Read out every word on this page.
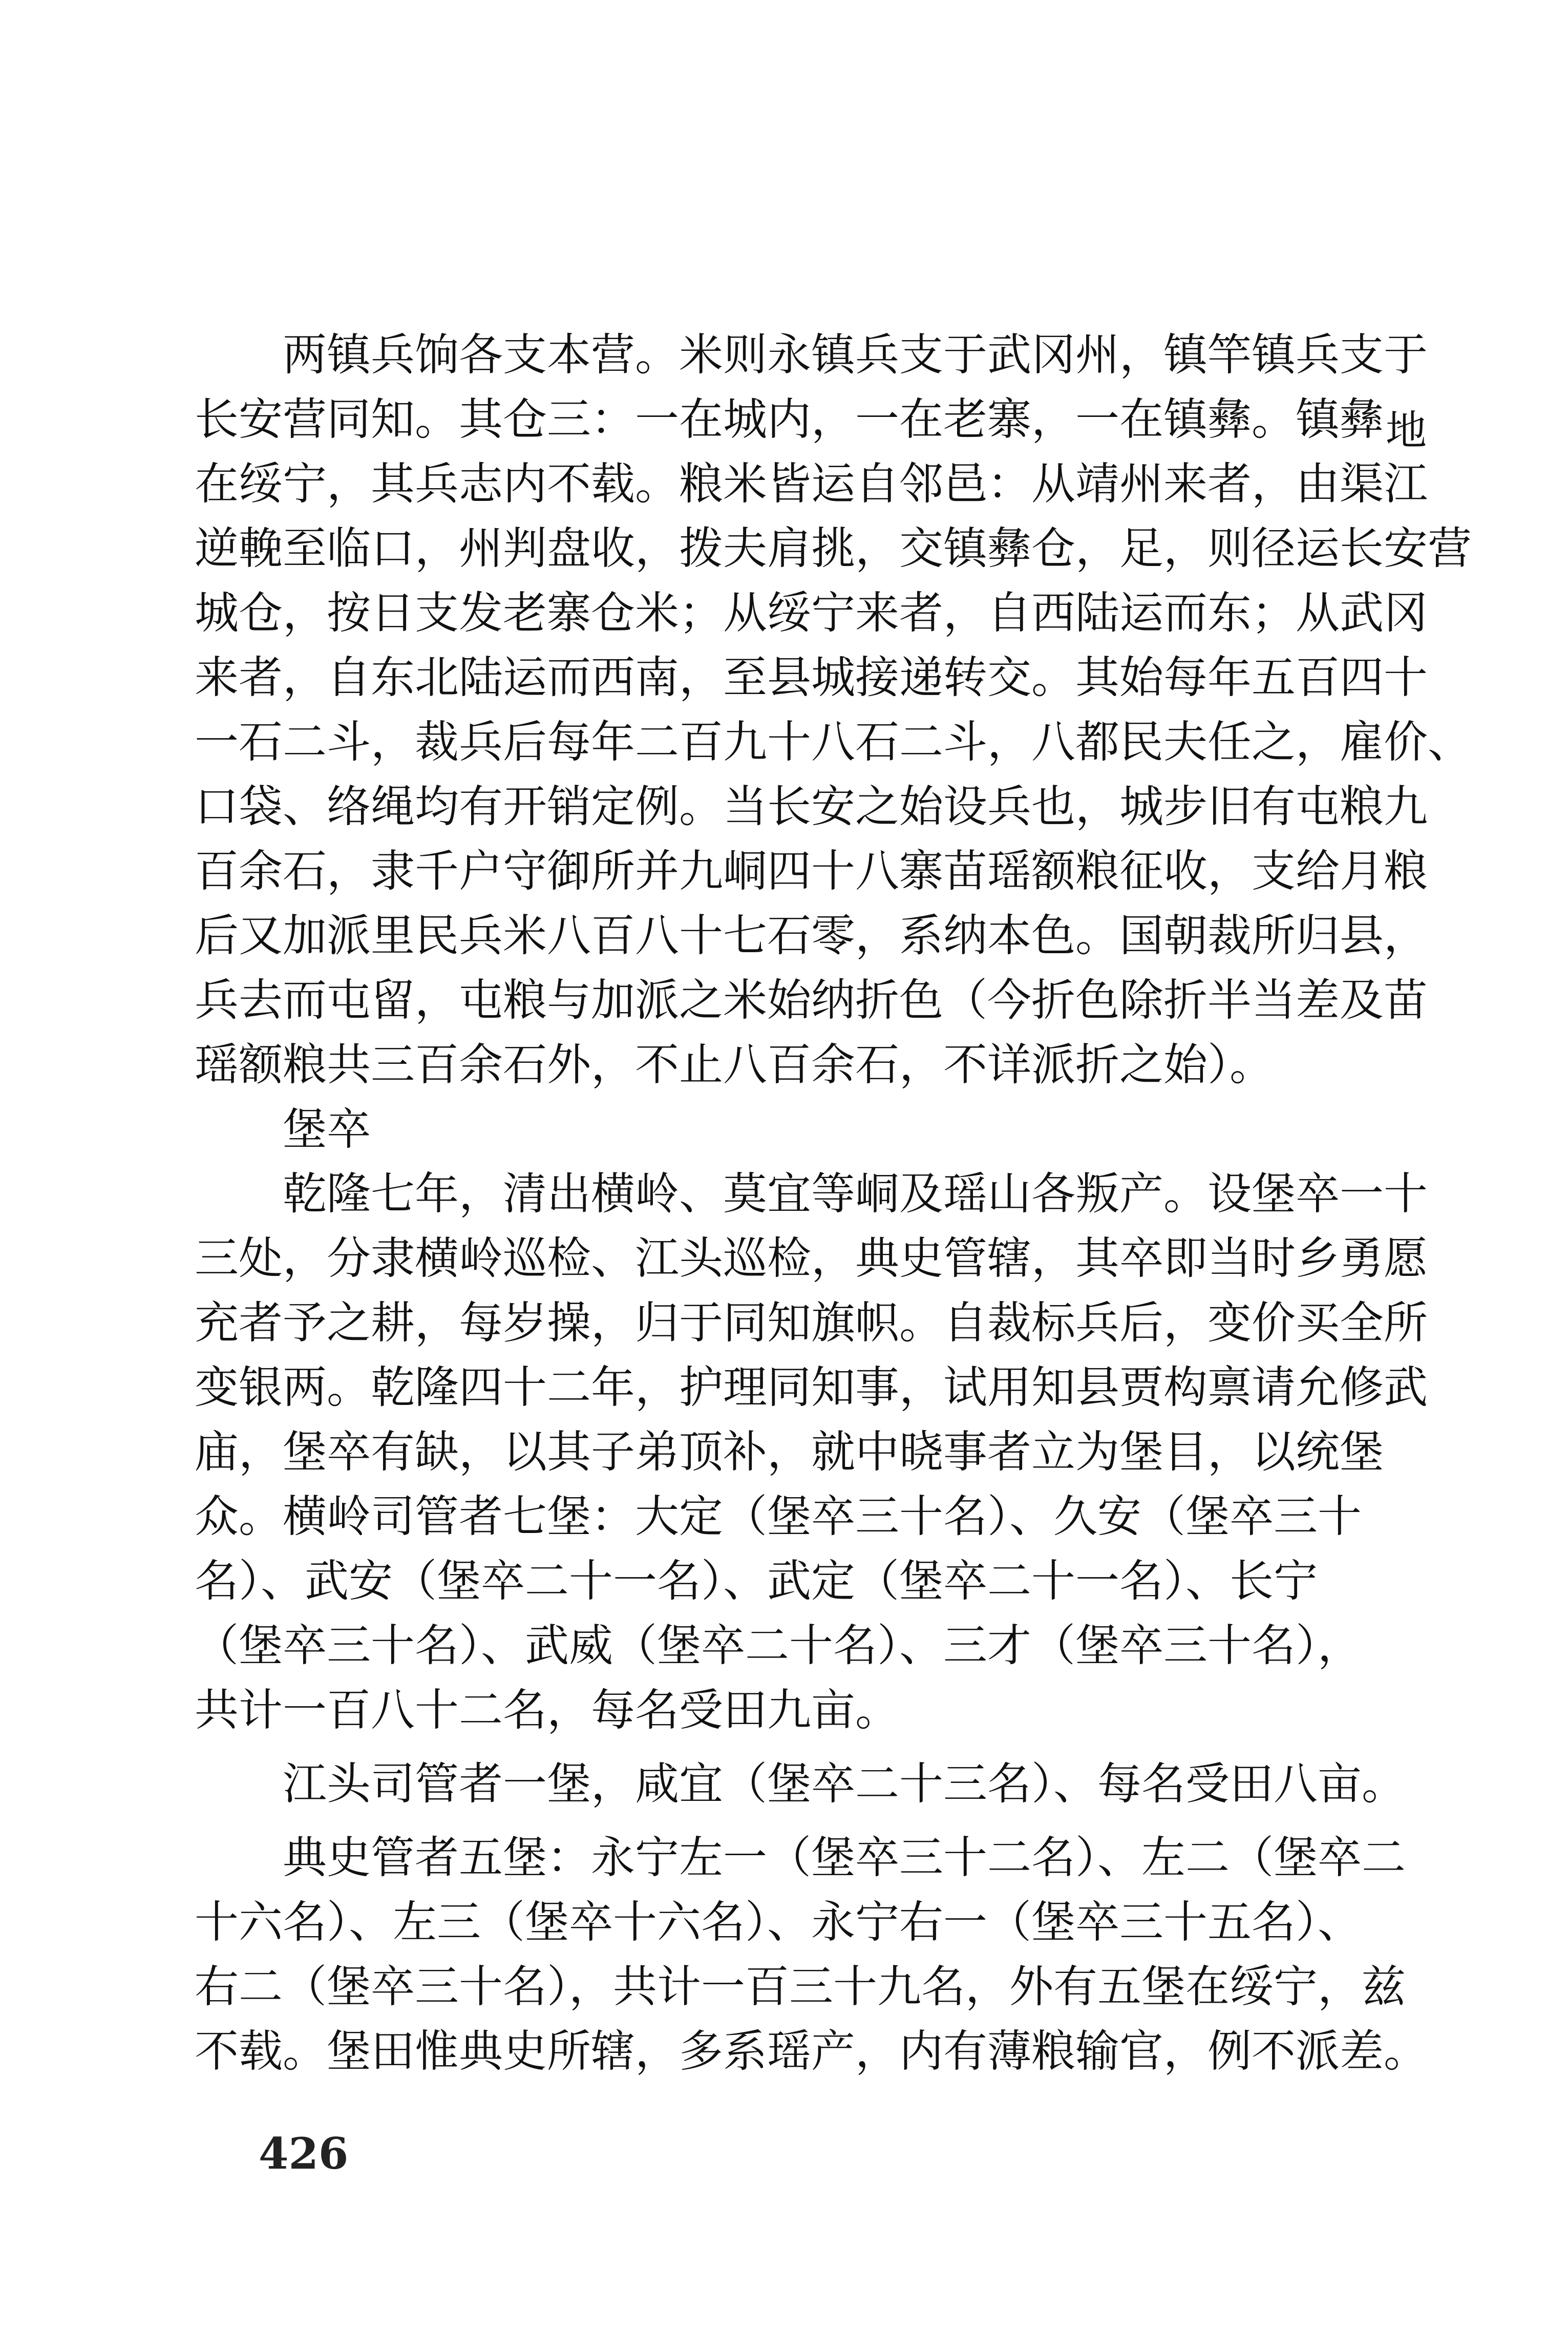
两镇兵饷各支本营。米则永镇兵支于武冈州，镇竿镇兵支于
长安营同知。其仓三：一在城内，一在老寨，一在镇彝。镇彝地
在绥宁，其兵志内不载。粮米皆运自邻邑：从靖州来者，由渠江
逆輓至临口，州判盘收，拨夫肩挑，交镇彝仓，足，则径运长安营
城仓，按日支发老寨仓米；从绥宁来者，自西陆运而东；从武冈
来者，自东北陆运而西南，至县城接递转交。其始每年五百四十
一石二斗，裁兵后每年二百九十八石二斗，八都民夫任之，雇价、
口袋、络绳均有开销定例。当长安之始设兵也，城步旧有屯粮九
百余石，隶千户守御所并九峒四十八寨苗瑶额粮征收，支给月粮
后又加派里民兵米八百八十七石零，系纳本色。国朝裁所归县，
兵去而屯留，屯粮与加派之米始纳折色（今折色除折半当差及苗
瑶额粮共三百余石外，不止八百余石，不详派折之始）。
堡卒
乾隆七年，清出横岭、莫宜等峒及瑶山各叛产。设堡卒一十
三处，分隶横岭巡检、江头巡检，典史管辖，其卒即当时乡勇愿
充者予之耕，每岁操，归于同知旗帜。自裁标兵后，变价买全所
变银两。乾隆四十二年，护理同知事，试用知县贾构禀请允修武
庙，堡卒有缺，以其子弟顶补，就中晓事者立为堡目，以统堡
众。横岭司管者七堡：大定（堡卒三十名）、久安（堡卒三十
名）、武安（堡卒二十一名）、武定（堡卒二十一名）、长宁
（堡卒三十名）、武威（堡卒二十名）、三才（堡卒三十名），
共计一百八十二名，每名受田九亩。
江头司管者一堡，咸宜（堡卒二十三名）、每名受田八亩。
典史管者五堡：永宁左一（堡卒三十二名）、左二（堡卒二
十六名）、左三（堡卒十六名）、永宁右一（堡卒三十五名）、
右二（堡卒三十名），共计一百三十九名，外有五堡在绥宁，兹
不载。堡田惟典史所辖，多系瑶产，内有薄粮输官，例不派差。
426
